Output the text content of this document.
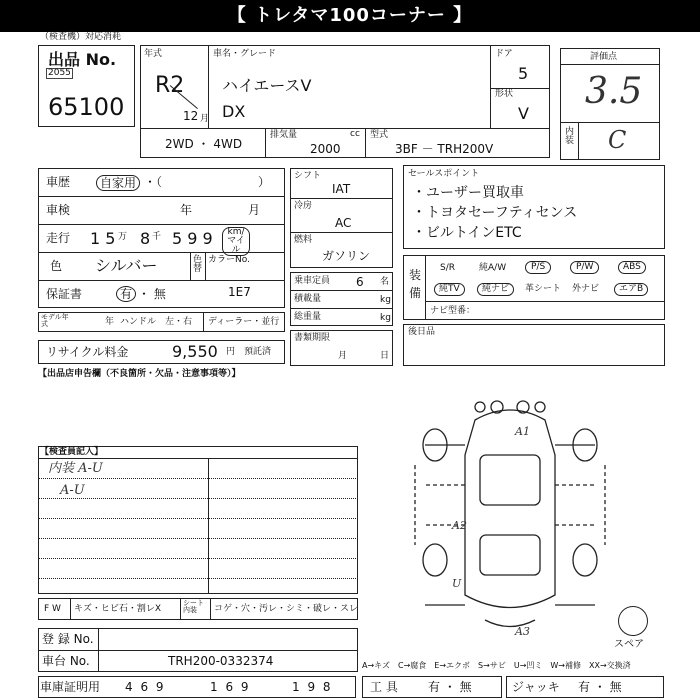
【 トレタマ100コーナー 】
（検査機）対応消耗
出品 No.
2055
65100
年式
R2
12 月
車名・グレード
ハイエースV
DX
ドア
5
形状
V
2WD ・ 4WD
排気量	cc
2000
型式
3BF － TRH200V
評価点
3.5
内装 C
車歴	自家用 ・（　　　　　　　　）
車検	年	月
走行 1 5 万 8 千 5 9 9	km/マイル
色 シルバー	色替
カラーNo.
保証書	有 ・ 無	1E7
モデル年式	年 ハンドル　左・右 ディーラー・並行
リサイクル料金	9,550 円 預託済
シフト
IAT
冷房
AC
燃料
ガソリン
乗車定員 6 名
積載量	kg
総重量	kg
書類期限
月	日
セールスポイント
・ユーザー買取車
・トヨタセーフティセンス
・ビルトインETC
装備
S/R	純A/W	P/S	P/W	ABS
純TV	純ナビ	革シート 外ナビ	エアB
ナビ型番：
後日品
【出品店申告欄（不良箇所・欠品・注意事項等）】
【検査員記入】
内装 A-U
A-U
A1
A2
U
A3
スペア
F W キズ・ヒビ石・割レX
シート内装	コゲ・穴・汚レ・シミ・破レ・スレ
登 録 No.
車台 No.	TRH200-0332374	A→キズ　C→腐食　E→エクボ　S→サビ　U→凹ミ　W→補修　XX→交換済
車庫証明用 4 6 9	1 6 9	1 9 8	工 具	有 ・ 無	ジャッキ 有 ・ 無
